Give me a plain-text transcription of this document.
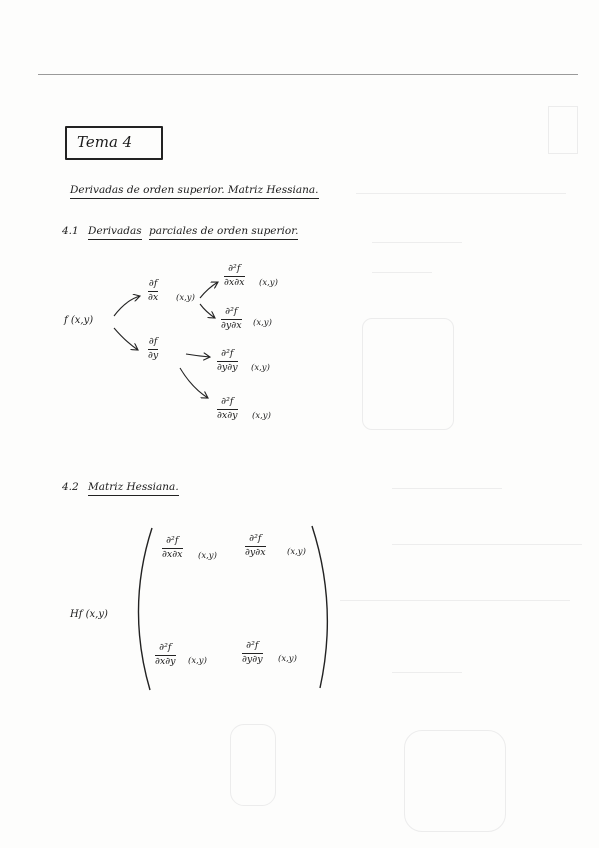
Tema 4
Derivadas de orden superior. Matriz Hessiana.
4.1 Derivadas parciales de orden superior.
f (x,y)
∂f
∂x (x,y)
∂f
∂y
∂²f
∂x∂x (x,y)
∂²f
∂y∂x (x,y)
∂²f
∂y∂y (x,y)
∂²f
∂x∂y (x,y)
4.2 Matriz Hessiana.
Hf (x,y)
∂²f
∂x∂x (x,y)
∂²f
∂y∂x	(x,y)
∂²f
∂x∂y (x,y)
∂²f
∂y∂y (x,y)
